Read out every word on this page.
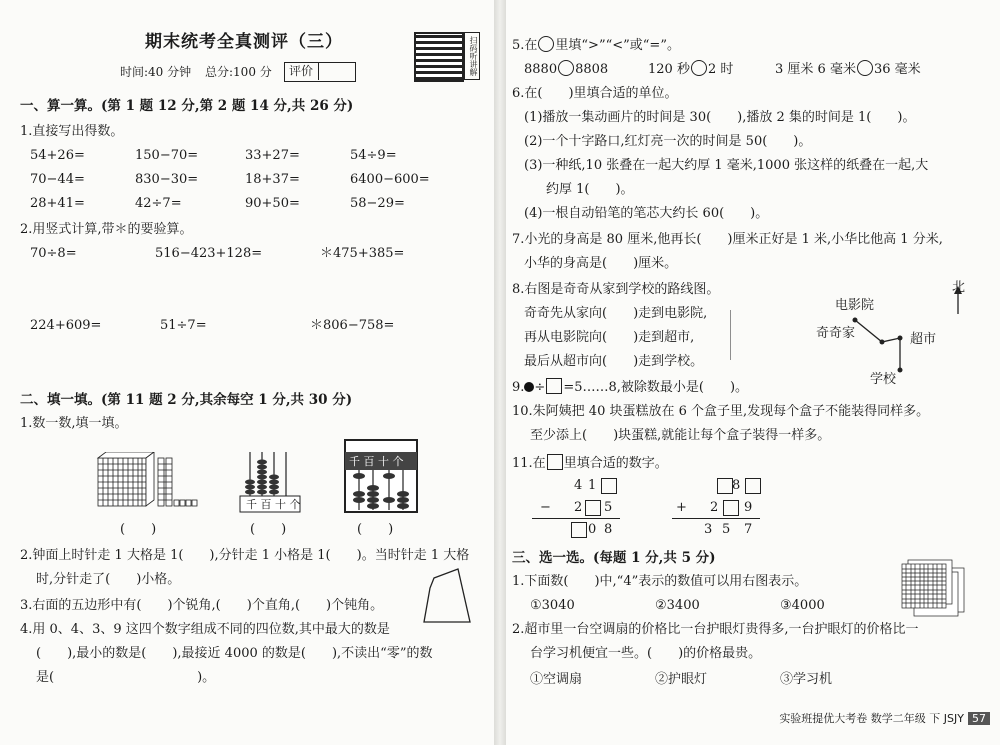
期末统考全真测评（三）
时间:40 分钟 总分:100 分	评价	扫码听讲解
一、算一算。(第 1 题 12 分,第 2 题 14 分,共 26 分)
1.直接写出得数。
54+26=	150−70=	33+27=	54÷9=
70−44=	830−30=	18+37=	6400−600=
28+41=	42÷7=	90+50=	58−29=
2.用竖式计算,带＊的要验算。
70÷8=	516−423+128=	＊475+385=
224+609=	51÷7=	＊806−758=
二、填一填。(第 11 题 2 分,其余每空 1 分,共 30 分)
1.数一数,填一填。
千 百 十 个
千 百 十 个
(　　)	(　　)	(　　)
2.钟面上时针走 1 大格是 1(　　),分针走 1 小格是 1(　　)。当时针走 1 大格
时,分针走了(　　)小格。
3.右面的五边形中有(　　)个锐角,(　　)个直角,(　　)个钝角。
4.用 0、4、3、9 这四个数字组成不同的四位数,其中最大的数是
(　　),最小的数是(　　),最接近 4000 的数是(　　),不读出“零”的数
是(　　　　　　　　　　　)。
5.在 里填“>”“<”或“=”。
8880 8808	120 秒 2 时	3 厘米 6 毫米 36 毫米
6.在(　　)里填合适的单位。
(1)播放一集动画片的时间是 30(　　),播放 2 集的时间是 1(　　)。
(2)一个十字路口,红灯亮一次的时间是 50(　　)。
(3)一种纸,10 张叠在一起大约厚 1 毫米,1000 张这样的纸叠在一起,大
约厚 1(　　)。
(4)一根自动铅笔的笔芯大约长 60(　　)。
7.小光的身高是 80 厘米,他再长(　　)厘米正好是 1 米,小华比他高 1 分米,
小华的身高是(　　)厘米。
8.右图是奇奇从家到学校的路线图。
奇奇先从家向(　　)走到电影院,
再从电影院向(　　)走到超市,
最后从超市向(　　)走到学校。
北
电影院
奇奇家	超市
学校
9. ÷ =5……8,被除数最小是(　　)。
10.朱阿姨把 40 块蛋糕放在 6 个盒子里,发现每个盒子不能装得同样多。
至少添上(　　)块蛋糕,就能让每个盒子装得一样多。
11.在 里填合适的数字。
4 1
− 2 5
0 8
8
+ 2 9
3 5 7
三、选一选。(每题 1 分,共 5 分)
1.下面数(　　)中,“4”表示的数值可以用右图表示。
①3040	②3400	③4000
2.超市里一台空调扇的价格比一台护眼灯贵得多,一台护眼灯的价格比一
台学习机便宜一些。(　　)的价格最贵。
①空调扇	②护眼灯	③学习机
实验班提优大考卷 数学二年级 下 JSJY 57
